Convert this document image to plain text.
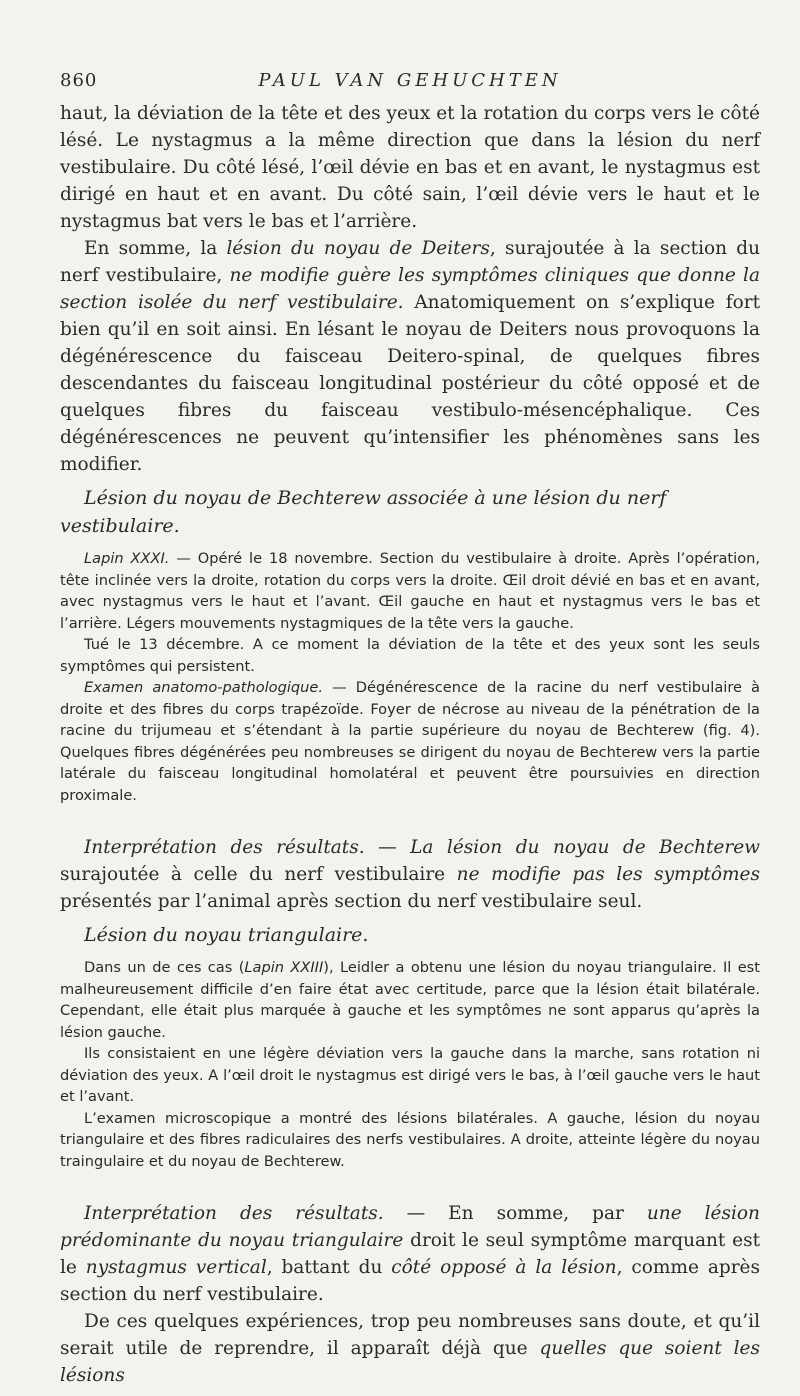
860	PAUL VAN GEHUCHTEN

haut, la déviation de la tête et des yeux et la rotation du corps vers le côté lésé. Le nystagmus a la même direction que dans la lésion du nerf vestibulaire. Du côté lésé, l’œil dévie en bas et en avant, le nystagmus est dirigé en haut et en avant. Du côté sain, l’œil dévie vers le haut et le nystagmus bat vers le bas et l’arrière.

En somme, la lésion du noyau de Deiters, surajoutée à la section du nerf vestibulaire, ne modifie guère les symptômes cliniques que donne la section isolée du nerf vestibulaire. Anatomiquement on s’explique fort bien qu’il en soit ainsi. En lésant le noyau de Deiters nous provoquons la dégénérescence du faisceau Deitero-spinal, de quelques fibres descendantes du faisceau longitudinal postérieur du côté opposé et de quelques fibres du faisceau vestibulo-mésencéphalique. Ces dégénérescences ne peuvent qu’intensifier les phénomènes sans les modifier.

Lésion du noyau de Bechterew associée à une lésion du nerf vestibulaire.

Lapin XXXI. — Opéré le 18 novembre. Section du vestibulaire à droite. Après l’opération, tête inclinée vers la droite, rotation du corps vers la droite. Œil droit dévié en bas et en avant, avec nystagmus vers le haut et l’avant. Œil gauche en haut et nystagmus vers le bas et l’arrière. Légers mouvements nystagmiques de la tête vers la gauche.

Tué le 13 décembre. A ce moment la déviation de la tête et des yeux sont les seuls symptômes qui persistent.

Examen anatomo-pathologique. — Dégénérescence de la racine du nerf vestibulaire à droite et des fibres du corps trapézoïde. Foyer de nécrose au niveau de la pénétration de la racine du trijumeau et s’étendant à la partie supérieure du noyau de Bechterew (fig. 4). Quelques fibres dégénérées peu nombreuses se dirigent du noyau de Bechterew vers la partie latérale du faisceau longitudinal homolatéral et peuvent être poursuivies en direction proximale.

Interprétation des résultats. — La lésion du noyau de Bechterew surajoutée à celle du nerf vestibulaire ne modifie pas les symptômes présentés par l’animal après section du nerf vestibulaire seul.

Lésion du noyau triangulaire.

Dans un de ces cas (Lapin XXIII), Leidler a obtenu une lésion du noyau triangulaire. Il est malheureusement difficile d’en faire état avec certitude, parce que la lésion était bilatérale. Cependant, elle était plus marquée à gauche et les symptômes ne sont apparus qu’après la lésion gauche.

Ils consistaient en une légère déviation vers la gauche dans la marche, sans rotation ni déviation des yeux. A l’œil droit le nystagmus est dirigé vers le bas, à l’œil gauche vers le haut et l’avant.

L’examen microscopique a montré des lésions bilatérales. A gauche, lésion du noyau triangulaire et des fibres radiculaires des nerfs vestibulaires. A droite, atteinte légère du noyau traingulaire et du noyau de Bechterew.

Interprétation des résultats. — En somme, par une lésion prédominante du noyau triangulaire droit le seul symptôme marquant est le nystagmus vertical, battant du côté opposé à la lésion, comme après section du nerf vestibulaire.

De ces quelques expériences, trop peu nombreuses sans doute, et qu’il serait utile de reprendre, il apparaît déjà que quelles que soient les lésions
